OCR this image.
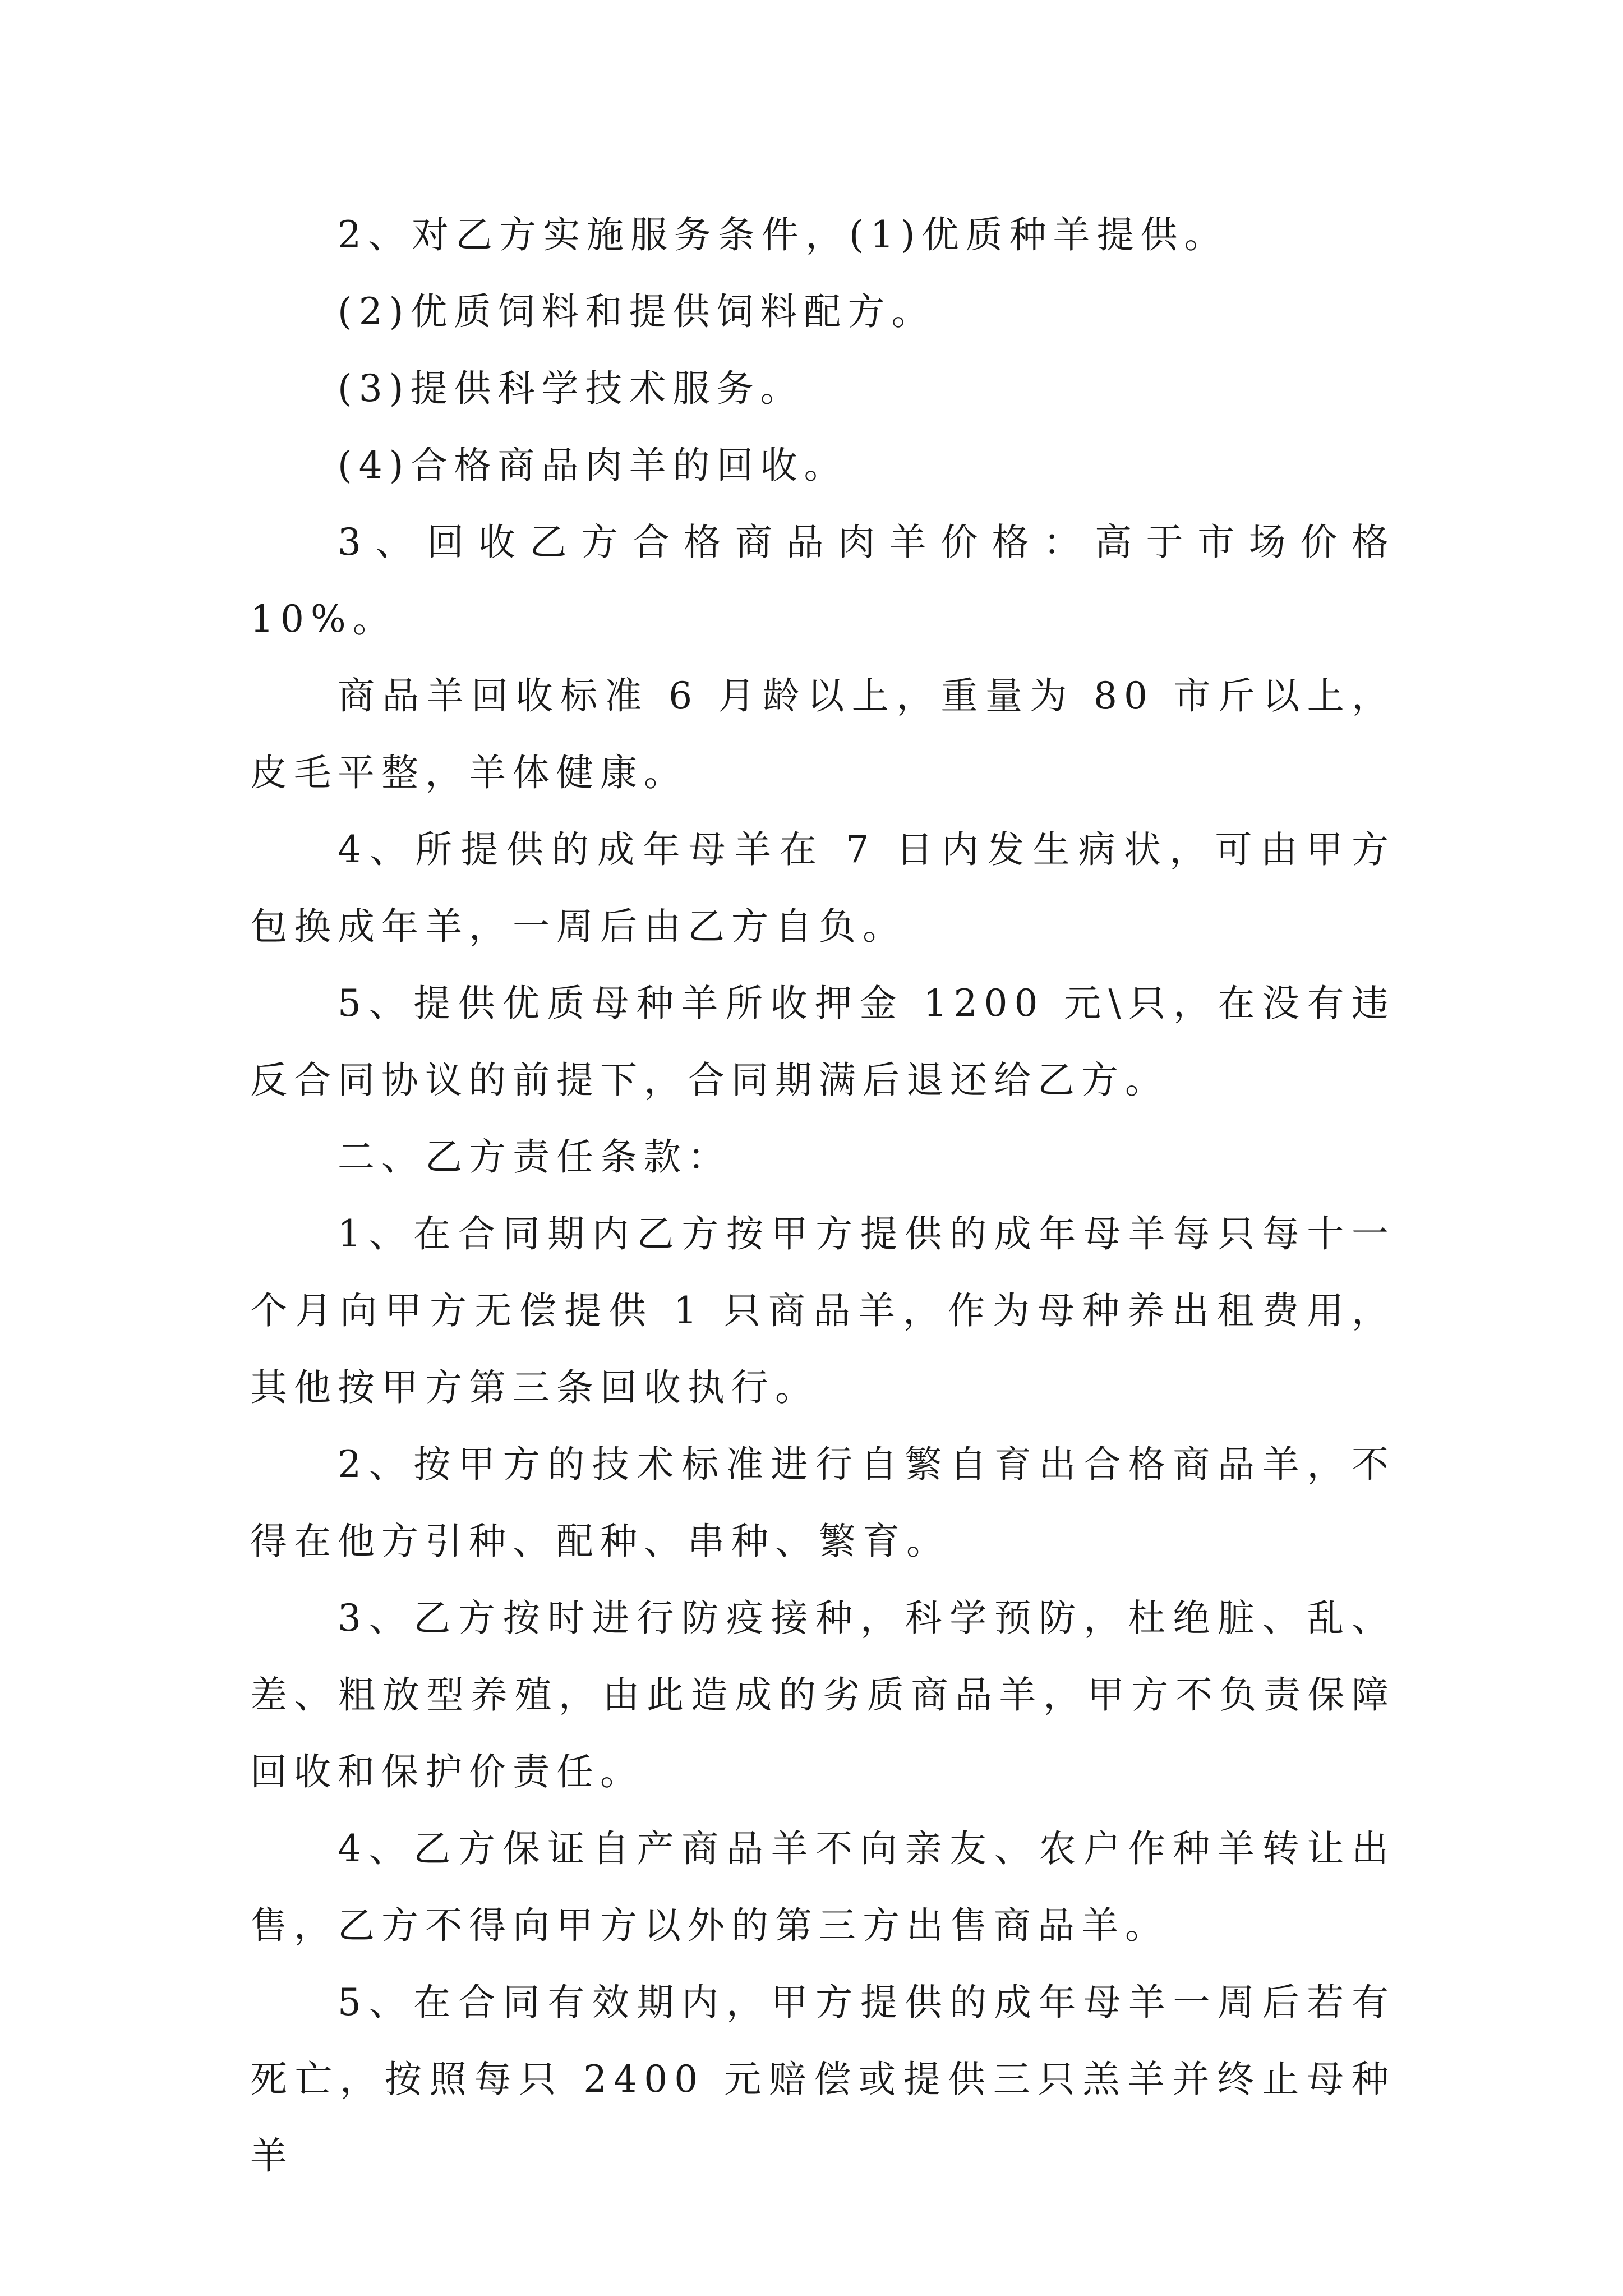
2、对乙方实施服务条件，(1)优质种羊提供。

(2)优质饲料和提供饲料配方。

(3)提供科学技术服务。

(4)合格商品肉羊的回收。

3、回收乙方合格商品肉羊价格：高于市场价格 10%。

商品羊回收标准 6 月龄以上，重量为 80 市斤以上，皮毛平整，羊体健康。

4、所提供的成年母羊在 7 日内发生病状，可由甲方包换成年羊，一周后由乙方自负。

5、提供优质母种羊所收押金 1200 元\只，在没有违反合同协议的前提下，合同期满后退还给乙方。

二、乙方责任条款：

1、在合同期内乙方按甲方提供的成年母羊每只每十一个月向甲方无偿提供 1 只商品羊，作为母种养出租费用，其他按甲方第三条回收执行。

2、按甲方的技术标准进行自繁自育出合格商品羊，不得在他方引种、配种、串种、繁育。

3、乙方按时进行防疫接种，科学预防，杜绝脏、乱、差、粗放型养殖，由此造成的劣质商品羊，甲方不负责保障回收和保护价责任。

4、乙方保证自产商品羊不向亲友、农户作种羊转让出售，乙方不得向甲方以外的第三方出售商品羊。

5、在合同有效期内，甲方提供的成年母羊一周后若有死亡，按照每只 2400 元赔偿或提供三只羔羊并终止母种羊
